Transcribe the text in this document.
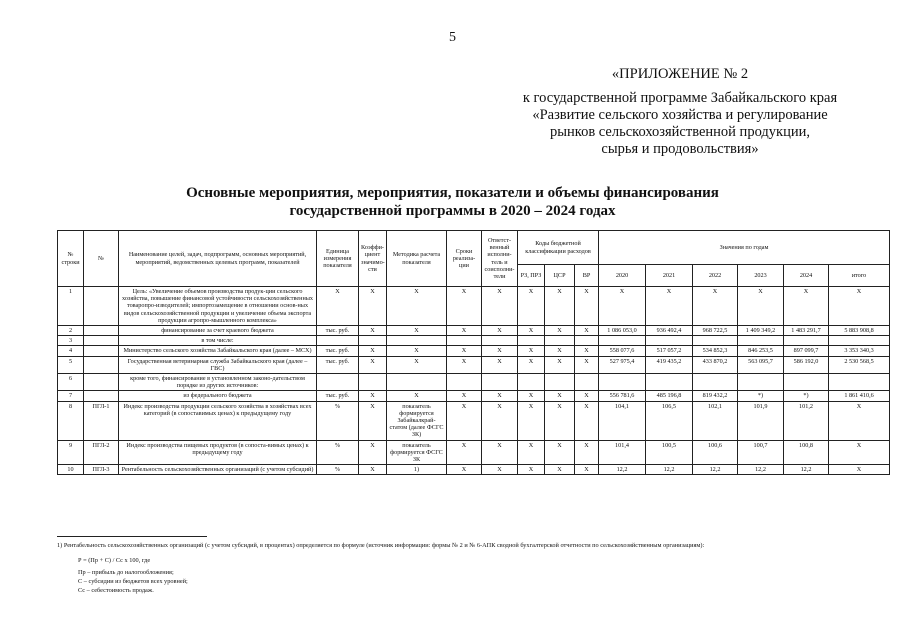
5
«ПРИЛОЖЕНИЕ № 2
к государственной программе Забайкальского края
«Развитие сельского хозяйства и регулирование
рынков сельскохозяйственной продукции,
сырья и продовольствия»
Основные мероприятия, мероприятия, показатели и объемы финансирования
государственной программы в 2020 – 2024 годах
№ строки	№	Наименование целей, задач, подпрограмм, основных мероприятий, мероприятий, ведомственных целевых программ, показателей	Единица измерения показателя	Коэффи-циент значимо-сти	Методика расчета показателя	Сроки реализа-ции	Ответст-венный исполни-тель и соисполни-тели	Коды бюджетной классификации расходов			Значения по годам					
								РЗ, ПРЗ	ЦСР	ВР	2020	2021	2022	2023	2024	итого
1		Цель: «Увеличение объемов производства продук-ции сельского хозяйства, повышение финансовой устойчивости сельскохозяйственных товаропро-изводителей; импортозамещение в отношении основ-ных видов сельскохозяйственной продукции и увеличение объема экспорта продукции агропро-мышленного комплекса»	Х	Х	Х	Х	Х	Х	Х	Х	Х	Х	Х	Х	Х	Х
2		финансирование за счет краевого бюджета	тыс. руб.	Х	Х	Х	Х	Х	Х	Х	1 086 053,0	936 492,4	968 722,5	1 409 349,2	1 483 291,7	5 883 908,8
3		в том числе:														
4		Министерство сельского хозяйства Забайкальского края (далее – МСХ)	тыс. руб.	Х	Х	Х	Х	Х	Х	Х	558 077,6	517 057,2	534 852,3	846 253,5	897 099,7	3 353 340,3
5		Государственная ветеринарная служба Забайкальского края (далее – ГВС)	тыс. руб.	Х	Х	Х	Х	Х	Х	Х	527 975,4	419 435,2	433 870,2	563 095,7	586 192,0	2 530 568,5
6		кроме того, финансирование в установленном законо-дательством порядке из других источников:														
7		из федерального бюджета	тыс. руб.	Х	Х	Х	Х	Х	Х	Х	556 781,6	485 196,8	819 432,2	*)	*)	1 861 410,6
8	ПГЛ-1	Индекс производства продукции сельского хозяйства в хозяйствах всех категорий (в сопоставимых ценах) к предыдущему году	%	Х	показатель формируется Забайкалкрай-статом (далее ФСГС ЗК)	Х	Х	Х	Х	Х	104,1	106,5	102,1	101,9	101,2	Х
9	ПГЛ-2	Индекс производства пищевых продуктов (в сопоста-вимых ценах) к предыдущему году	%	Х	показатель формируется ФСГС ЗК	Х	Х	Х	Х	Х	101,4	100,5	100,6	100,7	100,8	Х
10	ПГЛ-3	Рентабельность сельскохозяйственных организаций (с учетом субсидий)	%	Х	1)	Х	Х	Х	Х	Х	12,2	12,2	12,2	12,2	12,2	Х
1) Рентабельность сельскохозяйственных организаций (с учетом субсидий, в процентах) определяется по формуле (источник информации: формы № 2 и № 6-АПК сводной бухгалтерской отчетности по сельскохозяйственным организациям):
Р = (Пр + С) / Сс х 100, где
Пр – прибыль до налогообложения;
С – субсидии из бюджетов всех уровней;
Сс – себестоимость продаж.
